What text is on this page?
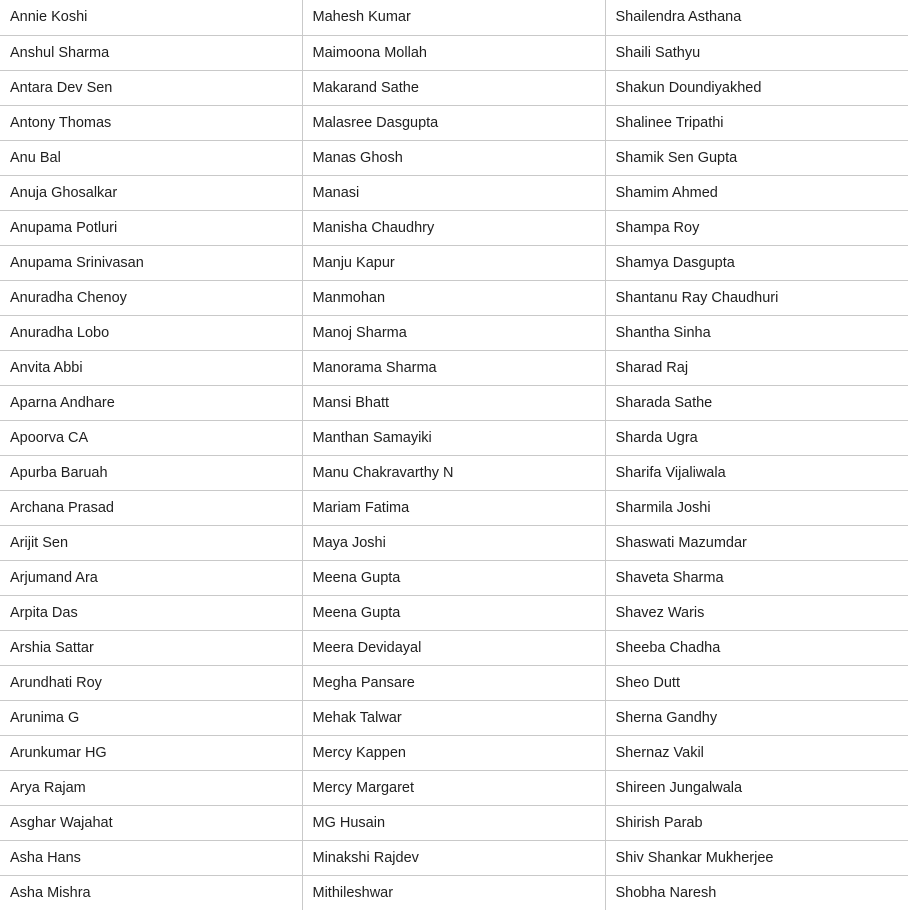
Annie Koshi	Mahesh Kumar	Shailendra Asthana
Anshul Sharma	Maimoona Mollah	Shaili Sathyu
Antara Dev Sen	Makarand Sathe	Shakun Doundiyakhed
Antony Thomas	Malasree Dasgupta	Shalinee Tripathi
Anu Bal	Manas Ghosh	Shamik Sen Gupta
Anuja Ghosalkar	Manasi	Shamim Ahmed
Anupama Potluri	Manisha Chaudhry	Shampa Roy
Anupama Srinivasan	Manju Kapur	Shamya Dasgupta
Anuradha Chenoy	Manmohan	Shantanu Ray Chaudhuri
Anuradha Lobo	Manoj Sharma	Shantha Sinha
Anvita Abbi	Manorama Sharma	Sharad Raj
Aparna Andhare	Mansi Bhatt	Sharada Sathe
Apoorva CA	Manthan Samayiki	Sharda Ugra
Apurba Baruah	Manu Chakravarthy N	Sharifa Vijaliwala
Archana Prasad	Mariam Fatima	Sharmila Joshi
Arijit Sen	Maya Joshi	Shaswati Mazumdar
Arjumand Ara	Meena Gupta	Shaveta Sharma
Arpita Das	Meena Gupta	Shavez Waris
Arshia Sattar	Meera Devidayal	Sheeba Chadha
Arundhati Roy	Megha Pansare	Sheo Dutt
Arunima G	Mehak Talwar	Sherna Gandhy
Arunkumar HG	Mercy Kappen	Shernaz Vakil
Arya Rajam	Mercy Margaret	Shireen Jungalwala
Asghar Wajahat	MG Husain	Shirish Parab
Asha Hans	Minakshi Rajdev	Shiv Shankar Mukherjee
Asha Mishra	Mithileshwar	Shobha Naresh
